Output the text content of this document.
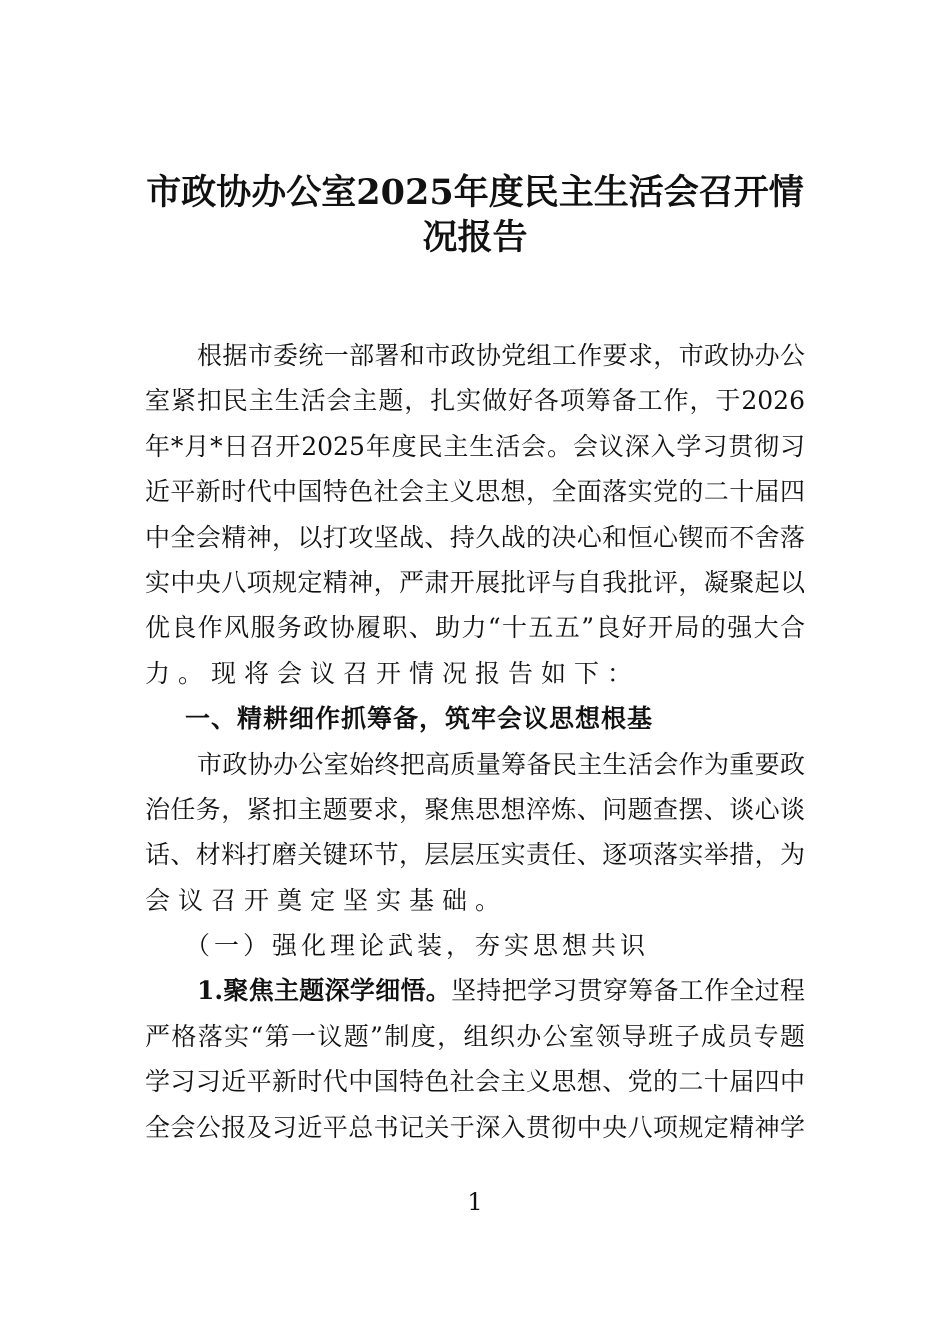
市政协办公室2025年度民主生活会召开情
况报告
根据市委统一部署和市政协党组工作要求，市政协办公
室紧扣民主生活会主题，扎实做好各项筹备工作，于2026
年*月*日召开2025年度民主生活会。会议深入学习贯彻习
近平新时代中国特色社会主义思想，全面落实党的二十届四
中全会精神，以打攻坚战、持久战的决心和恒心锲而不舍落
实中央八项规定精神，严肃开展批评与自我批评，凝聚起以
优良作风服务政协履职、助力“十五五”良好开局的强大合
力。现将会议召开情况报告如下：
一、精耕细作抓筹备，筑牢会议思想根基
市政协办公室始终把高质量筹备民主生活会作为重要政
治任务，紧扣主题要求，聚焦思想淬炼、问题查摆、谈心谈
话、材料打磨关键环节，层层压实责任、逐项落实举措，为
会议召开奠定坚实基础。
（一）强化理论武装，夯实思想共识
1.聚焦主题深学细悟。坚持把学习贯穿筹备工作全过程
严格落实“第一议题”制度，组织办公室领导班子成员专题
学习习近平新时代中国特色社会主义思想、党的二十届四中
全会公报及习近平总书记关于深入贯彻中央八项规定精神学
1
